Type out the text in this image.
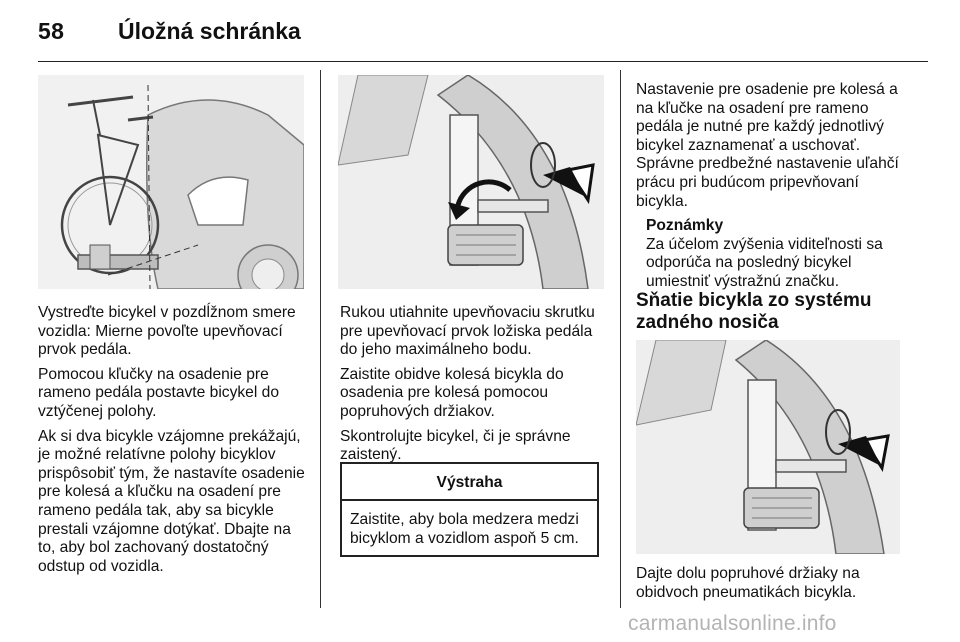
58 Úložná schránka

Vystreďte bicykel v pozdĺžnom smere vozidla: Mierne povoľte upevňovací prvok pedála.

Pomocou kľučky na osadenie pre rameno pedála postavte bicykel do vztýčenej polohy.

Ak si dva bicykle vzájomne prekážajú, je možné relatívne polohy bicyklov prispôsobiť tým, že nastavíte osadenie pre kolesá a kľučku na osadení pre rameno pedála tak, aby sa bicykle prestali vzájomne dotýkať. Dbajte na to, aby bol zachovaný dostatočný odstup od vozidla.

Rukou utiahnite upevňovaciu skrutku pre upevňovací prvok ložiska pedála do jeho maximálneho bodu.

Zaistite obidve kolesá bicykla do osadenia pre kolesá pomocou popruhových držiakov.

Skontrolujte bicykel, či je správne zaistený.

Výstraha
Zaistite, aby bola medzera medzi bicyklom a vozidlom aspoň 5 cm.

Nastavenie pre osadenie pre kolesá a na kľučke na osadení pre rameno pedála je nutné pre každý jednotlivý bicykel zaznamenať a uschovať. Správne predbežné nastavenie uľahčí prácu pri budúcom pripevňovaní bicykla.

Poznámky
Za účelom zvýšenia viditeľnosti sa odporúča na posledný bicykel umiestniť výstražnú značku.
Sňatie bicykla zo systému zadného nosiča

Dajte dolu popruhové držiaky na obidvoch pneumatikách bicykla.

carmanualsonline.info
